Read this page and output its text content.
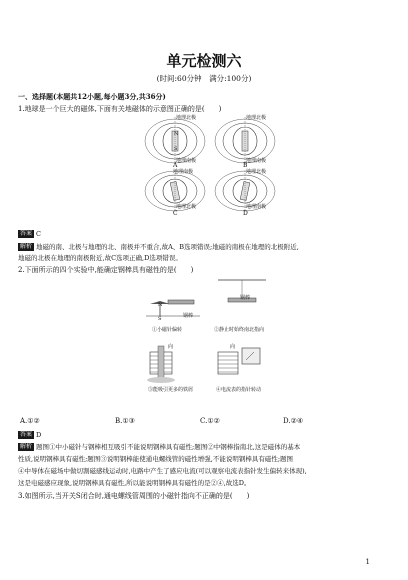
单元检测六
(时间:60分钟　满分:100分)
一、选择题(本题共12小题,每小题3分,共36分)
1.地球是一个巨大的磁体,下面有关地磁体的示意图正确的是(　　)
地理北极
地理南极
地理北极
地理南极
地理南极
地理北极
地理北极
地理南极
A	B
C	D
N
S
答案 C
解析 地磁的南、北极与地理的北、南极并不重合,故A、B选项错误;地磁的南极在地理的北极附近,
地磁的北极在地理的南极附近,故C选项正确,D选项错误。
2.下面所示的四个实验中,能确定钢棒具有磁性的是(　　)
钢棒
钢棒
N
S
①小磁针偏转	②静止时始终南北指向
向	向
③能吸引更多的铁屑	④电流表的指针转动
A.①②	B.①③	C.①②	D.②④
答案 D
解析 题图①中小磁针与钢棒相互吸引不能说明钢棒具有磁性;题图②中钢棒指南北,这是磁体的基本
性质,说明钢棒具有磁性;题图③说明钢棒能使通电螺线管的磁性增强,不能说明钢棒具有磁性;题图
④中导体在磁场中做切割磁感线运动时,电路中产生了感应电流(可以观察电流表指针发生偏转来体现),
这是电磁感应现象,说明钢棒具有磁性,所以能说明钢棒具有磁性的是②④,故选D。
3.如图所示,当开关S闭合时,通电螺线管周围的小磁针指向不正确的是(　　)
1
